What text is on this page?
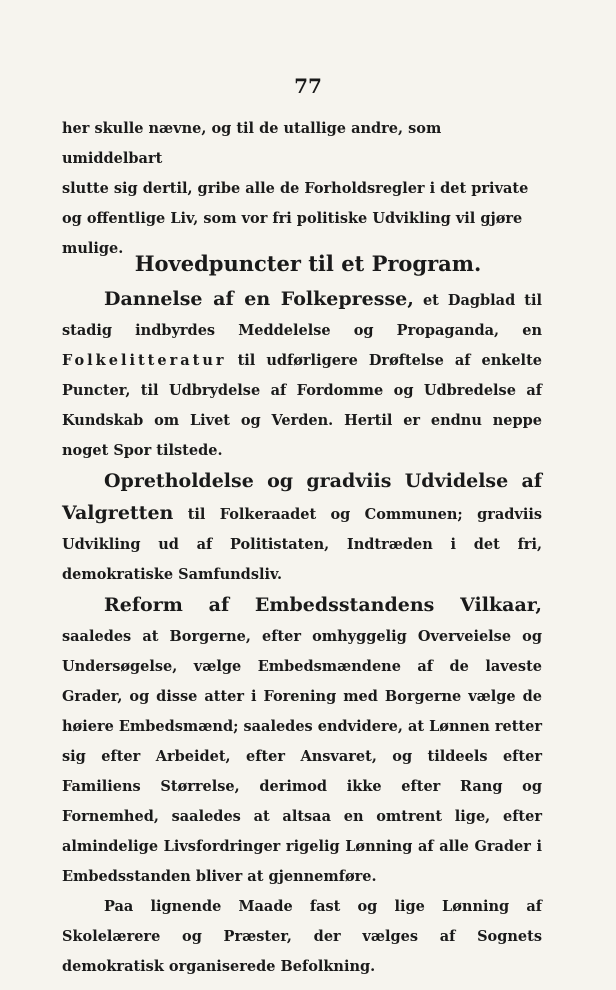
77
her skulle nævne, og til de utallige andre, som umiddelbart
slutte sig dertil, gribe alle de Forholdsregler i det private
og offentlige Liv, som vor fri politiske Udvikling vil gjøre
mulige.
Hovedpuncter til et Program.

Dannelse af en Folkepresse, et Dagblad til stadig indbyrdes Meddelelse og Propaganda, en Folkelitteratur til udførligere Drøftelse af enkelte Puncter, til Udbrydelse af Fordomme og Udbredelse af Kundskab om Livet og Verden. Hertil er endnu neppe noget Spor tilstede.

Opretholdelse og gradviis Udvidelse af Valgretten til Folkeraadet og Communen; gradviis Udvikling ud af Politistaten, Indtræden i det fri, demokratiske Samfundsliv.

Reform af Embedsstandens Vilkaar, saaledes at Borgerne, efter omhyggelig Overveielse og Undersøgelse, vælge Embedsmændene af de laveste Grader, og disse atter i Forening med Borgerne vælge de høiere Embedsmænd; saaledes endvidere, at Lønnen retter sig efter Arbeidet, efter Ansvaret, og tildeels efter Familiens Størrelse, derimod ikke efter Rang og Fornemhed, saaledes at altsaa en omtrent lige, efter almindelige Livsfordringer rigelig Lønning af alle Grader i Embedsstanden bliver at gjennemføre.

Paa lignende Maade fast og lige Lønning af Skolelærere og Præster, der vælges af Sognets demokratisk organiserede Befolkning.
